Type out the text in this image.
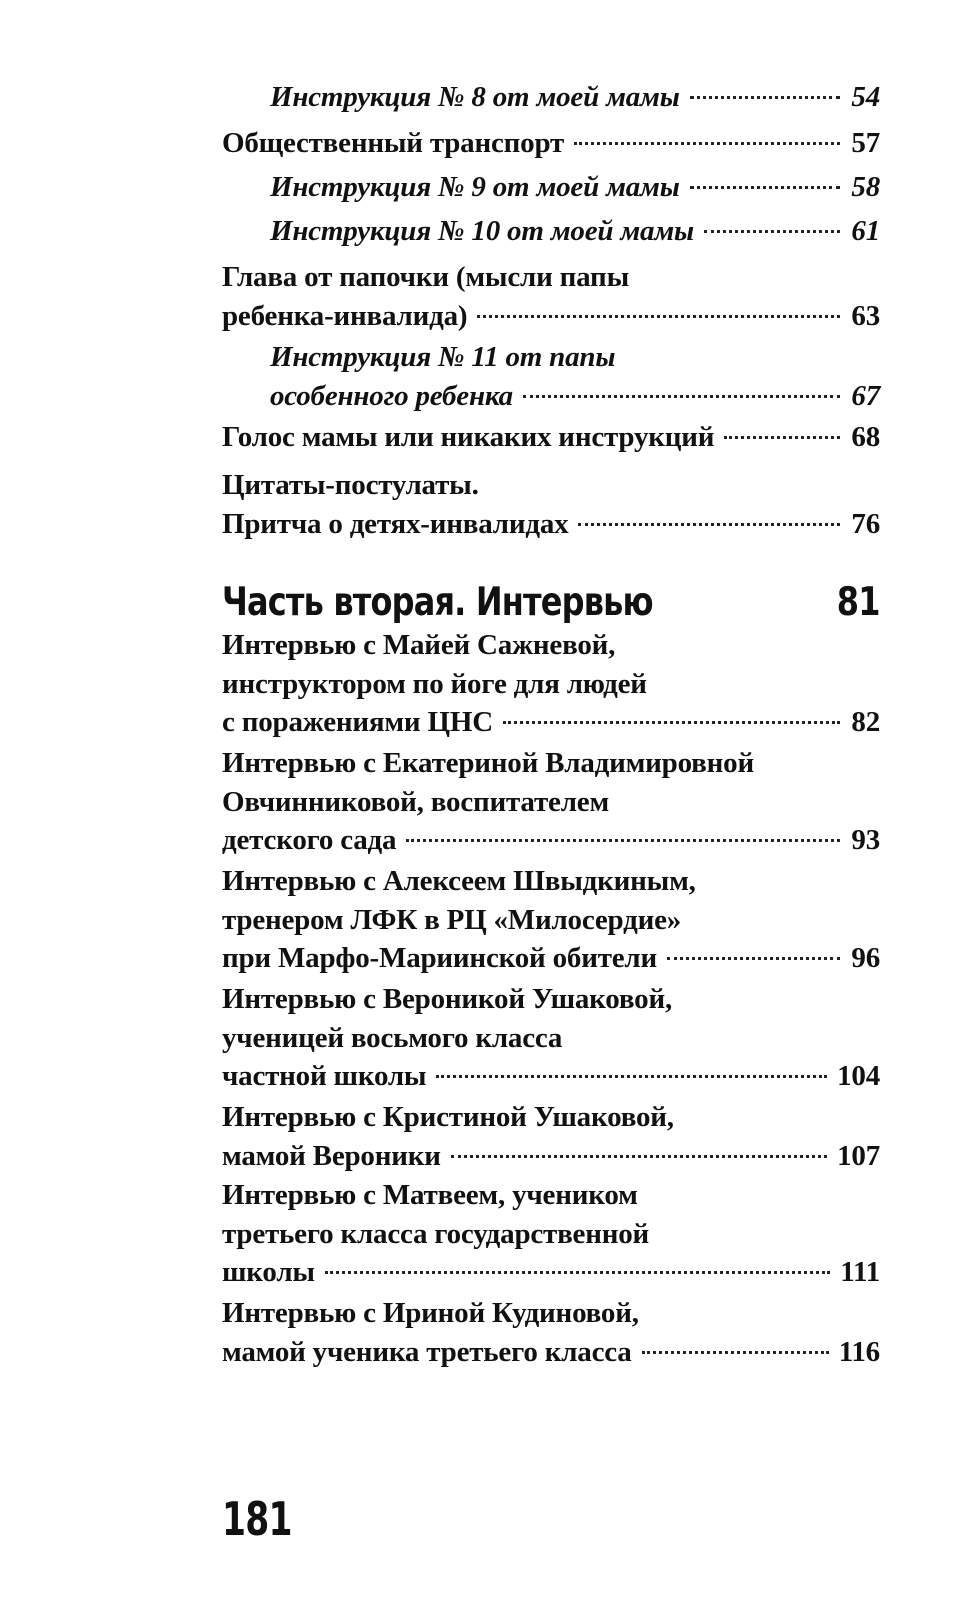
Инструкция № 8 от моей мамы	54
Общественный транспорт	57
Инструкция № 9 от моей мамы	58
Инструкция № 10 от моей мамы	61
Глава от папочки (мысли папы
ребенка-инвалида)	63
Инструкция № 11 от папы
особенного ребенка	67
Голос мамы или никаких инструкций	68
Цитаты-постулаты.
Притча о детях-инвалидах	76
Интервью с Майей Сажневой,
инструктором по йоге для людей
с поражениями ЦНС	82
Интервью с Екатериной Владимировной
Овчинниковой, воспитателем
детского сада	93
Интервью с Алексеем Швыдкиным,
тренером ЛФК в РЦ «Милосердие»
при Марфо-Мариинской обители	96
Интервью с Вероникой Ушаковой,
ученицей восьмого класса
частной школы	104
Интервью с Кристиной Ушаковой,
мамой Вероники	107
Интервью с Матвеем, учеником
третьего класса государственной
школы	111
Интервью с Ириной Кудиновой,
мамой ученика третьего класса	116
Часть вторая. Интервью	81
181
